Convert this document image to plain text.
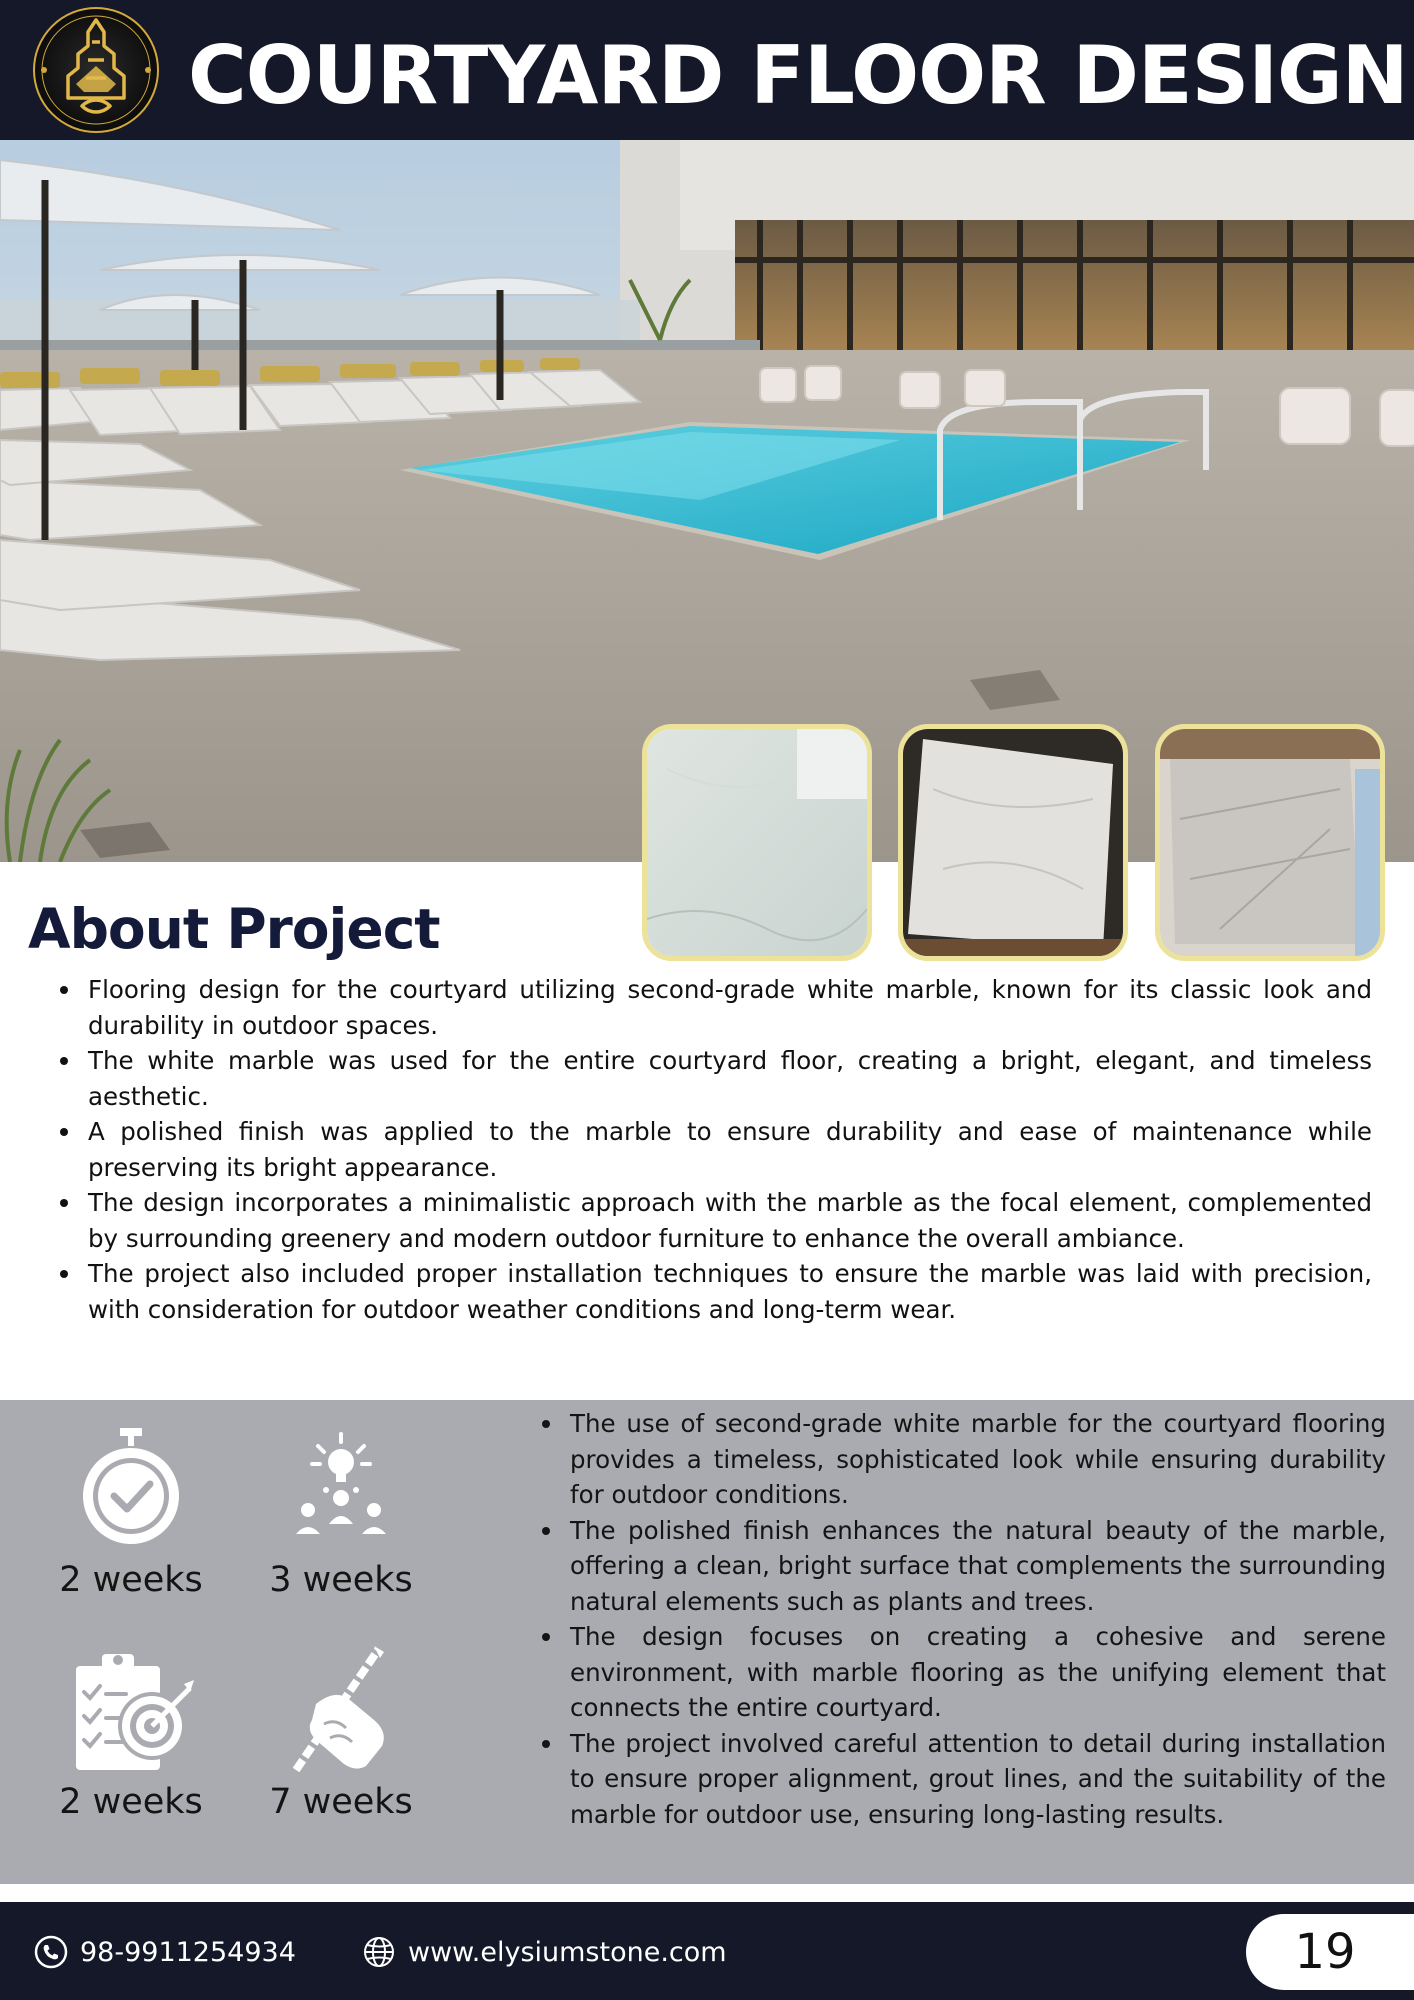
COURTYARD FLOOR DESIGN
About Project
Flooring design for the courtyard utilizing second-grade white marble, known for its classic look and durability in outdoor spaces.
The white marble was used for the entire courtyard floor, creating a bright, elegant, and timeless aesthetic.
A polished finish was applied to the marble to ensure durability and ease of maintenance while preserving its bright appearance.
The design incorporates a minimalistic approach with the marble as the focal element, complemented by surrounding greenery and modern outdoor furniture to enhance the overall ambiance.
The project also included proper installation techniques to ensure the marble was laid with precision, with consideration for outdoor weather conditions and long-term wear.
2 weeks	3 weeks
2 weeks	7 weeks
The use of second-grade white marble for the courtyard flooring provides a timeless, sophisticated look while ensuring durability for outdoor conditions.
The polished finish enhances the natural beauty of the marble, offering a clean, bright surface that complements the surrounding natural elements such as plants and trees.
The design focuses on creating a cohesive and serene environment, with marble flooring as the unifying element that connects the entire courtyard.
The project involved careful attention to detail during installation to ensure proper alignment, grout lines, and the suitability of the marble for outdoor use, ensuring long-lasting results.
98-9911254934	www.elysiumstone.com	19
